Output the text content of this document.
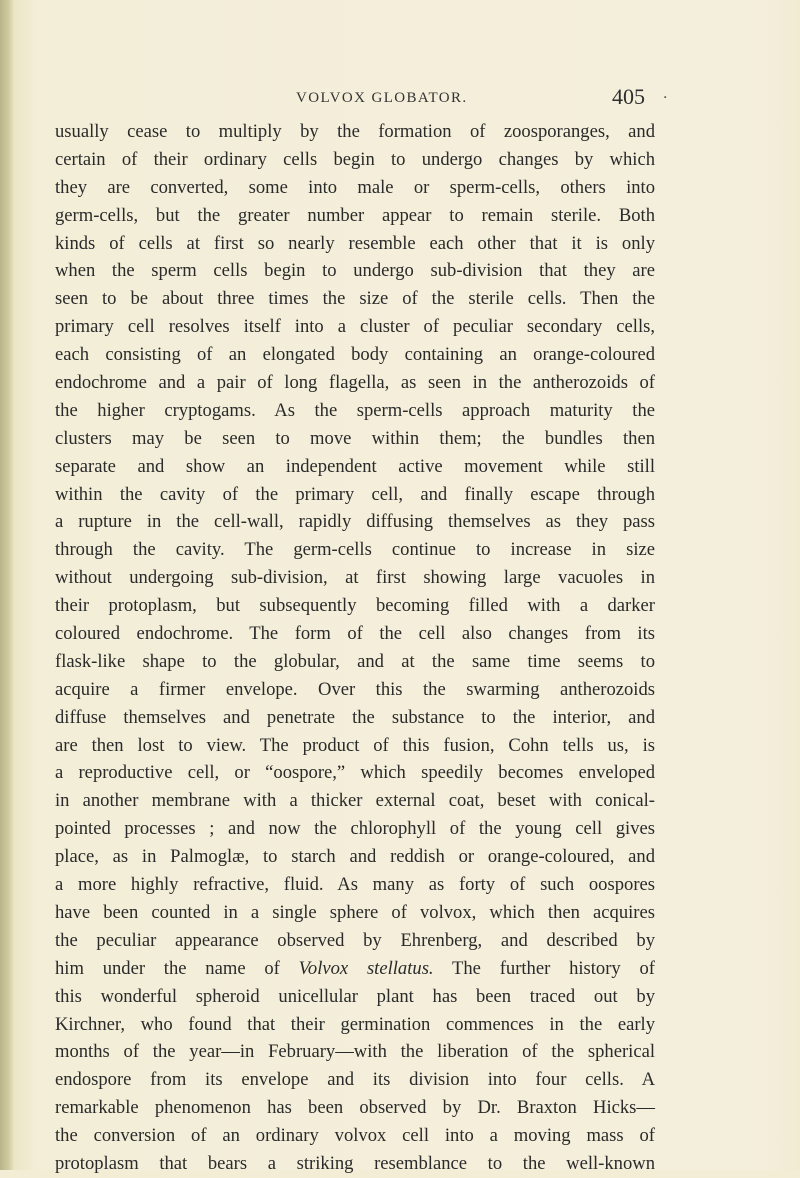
VOLVOX GLOBATOR.	405 ·
usually cease to multiply by the formation of zoosporanges, and
certain of their ordinary cells begin to undergo changes by which
they are converted, some into male or sperm-cells, others into
germ-cells, but the greater number appear to remain sterile. Both
kinds of cells at first so nearly resemble each other that it is only
when the sperm cells begin to undergo sub-division that they are
seen to be about three times the size of the sterile cells. Then the
primary cell resolves itself into a cluster of peculiar secondary cells,
each consisting of an elongated body containing an orange-coloured
endochrome and a pair of long flagella, as seen in the antherozoids of
the higher cryptogams. As the sperm-cells approach maturity the
clusters may be seen to move within them; the bundles then
separate and show an independent active movement while still
within the cavity of the primary cell, and finally escape through
a rupture in the cell-wall, rapidly diffusing themselves as they pass
through the cavity. The germ-cells continue to increase in size
without undergoing sub-division, at first showing large vacuoles in
their protoplasm, but subsequently becoming filled with a darker
coloured endochrome. The form of the cell also changes from its
flask-like shape to the globular, and at the same time seems to
acquire a firmer envelope. Over this the swarming antherozoids
diffuse themselves and penetrate the substance to the interior, and
are then lost to view. The product of this fusion, Cohn tells us, is
a reproductive cell, or “oospore,” which speedily becomes enveloped
in another membrane with a thicker external coat, beset with conical-
pointed processes ; and now the chlorophyll of the young cell gives
place, as in Palmoglæ, to starch and reddish or orange-coloured, and
a more highly refractive, fluid. As many as forty of such oospores
have been counted in a single sphere of volvox, which then acquires
the peculiar appearance observed by Ehrenberg, and described by
him under the name of Volvox stellatus. The further history of
this wonderful spheroid unicellular plant has been traced out by
Kirchner, who found that their germination commences in the early
months of the year—in February—with the liberation of the spherical
endospore from its envelope and its division into four cells. A
remarkable phenomenon has been observed by Dr. Braxton Hicks—
the conversion of an ordinary volvox cell into a moving mass of
protoplasm that bears a striking resemblance to the well-known
